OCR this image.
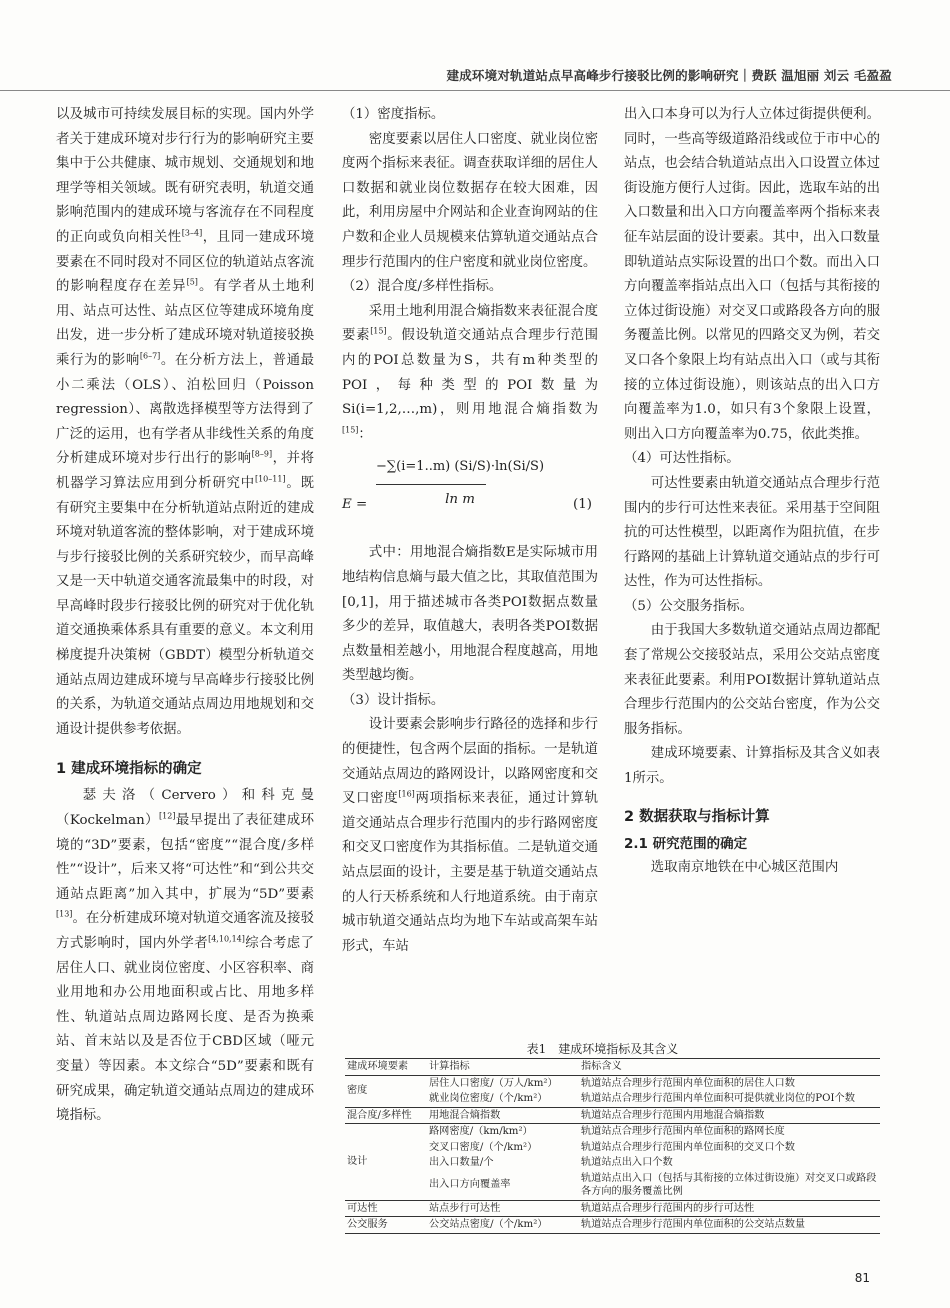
建成环境对轨道站点早高峰步行接驳比例的影响研究｜费跃 温旭丽 刘云 毛盈盈

以及城市可持续发展目标的实现。国内外学者关于建成环境对步行行为的影响研究主要集中于公共健康、城市规划、交通规划和地理学等相关领域。既有研究表明，轨道交通影响范围内的建成环境与客流存在不同程度的正向或负向相关性[3–4]，且同一建成环境要素在不同时段对不同区位的轨道站点客流的影响程度存在差异[5]。有学者从土地利用、站点可达性、站点区位等建成环境角度出发，进一步分析了建成环境对轨道接驳换乘行为的影响[6–7]。在分析方法上，普通最小二乘法（OLS）、泊松回归（Poisson regression）、离散选择模型等方法得到了广泛的运用，也有学者从非线性关系的角度分析建成环境对步行出行的影响[8–9]，并将机器学习算法应用到分析研究中[10–11]。既有研究主要集中在分析轨道站点附近的建成环境对轨道客流的整体影响，对于建成环境与步行接驳比例的关系研究较少，而早高峰又是一天中轨道交通客流最集中的时段，对早高峰时段步行接驳比例的研究对于优化轨道交通换乘体系具有重要的意义。本文利用梯度提升决策树（GBDT）模型分析轨道交通站点周边建成环境与早高峰步行接驳比例的关系，为轨道交通站点周边用地规划和交通设计提供参考依据。

1 建成环境指标的确定

瑟夫洛（Cervero）和科克曼（Kockelman）[12]最早提出了表征建成环境的“3D”要素，包括“密度”“混合度/多样性”“设计”，后来又将“可达性”和“到公共交通站点距离”加入其中，扩展为“5D”要素[13]。在分析建成环境对轨道交通客流及接驳方式影响时，国内外学者[4,10,14]综合考虑了居住人口、就业岗位密度、小区容积率、商业用地和办公用地面积或占比、用地多样性、轨道站点周边路网长度、是否为换乘站、首末站以及是否位于CBD区域（哑元变量）等因素。本文综合“5D”要素和既有研究成果，确定轨道交通站点周边的建成环境指标。

（1）密度指标。

密度要素以居住人口密度、就业岗位密度两个指标来表征。调查获取详细的居住人口数据和就业岗位数据存在较大困难，因此，利用房屋中介网站和企业查询网站的住户数和企业人员规模来估算轨道交通站点合理步行范围内的住户密度和就业岗位密度。

（2）混合度/多样性指标。

采用土地利用混合熵指数来表征混合度要素[15]。假设轨道交通站点合理步行范围内的POI总数量为S，共有m种类型的POI，每种类型的POI数量为Si(i=1,2,…,m)，则用地混合熵指数为[15]：

E =
−∑(i=1..m) (Si/S)·ln(Si/S)
ln m	(1)

式中：用地混合熵指数E是实际城市用地结构信息熵与最大值之比，其取值范围为[0,1]，用于描述城市各类POI数据点数量多少的差异，取值越大，表明各类POI数据点数量相差越小，用地混合程度越高，用地类型越均衡。

（3）设计指标。

设计要素会影响步行路径的选择和步行的便捷性，包含两个层面的指标。一是轨道交通站点周边的路网设计，以路网密度和交叉口密度[16]两项指标来表征，通过计算轨道交通站点合理步行范围内的步行路网密度和交叉口密度作为其指标值。二是轨道交通站点层面的设计，主要是基于轨道交通站点的人行天桥系统和人行地道系统。由于南京城市轨道交通站点均为地下车站或高架车站形式，车站

出入口本身可以为行人立体过街提供便利。同时，一些高等级道路沿线或位于市中心的站点，也会结合轨道站点出入口设置立体过街设施方便行人过街。因此，选取车站的出入口数量和出入口方向覆盖率两个指标来表征车站层面的设计要素。其中，出入口数量即轨道站点实际设置的出口个数。而出入口方向覆盖率指站点出入口（包括与其衔接的立体过街设施）对交叉口或路段各方向的服务覆盖比例。以常见的四路交叉为例，若交叉口各个象限上均有站点出入口（或与其衔接的立体过街设施），则该站点的出入口方向覆盖率为1.0，如只有3个象限上设置，则出入口方向覆盖率为0.75，依此类推。

（4）可达性指标。

可达性要素由轨道交通站点合理步行范围内的步行可达性来表征。采用基于空间阻抗的可达性模型，以距离作为阻抗值，在步行路网的基础上计算轨道交通站点的步行可达性，作为可达性指标。

（5）公交服务指标。

由于我国大多数轨道交通站点周边都配套了常规公交接驳站点，采用公交站点密度来表征此要素。利用POI数据计算轨道站点合理步行范围内的公交站台密度，作为公交服务指标。

建成环境要素、计算指标及其含义如表1所示。

2 数据获取与指标计算
2.1 研究范围的确定

选取南京地铁在中心城区范围内

表1　建成环境指标及其含义
建成环境要素	计算指标	指标含义
密度	居住人口密度/（万人/km²）	轨道站点合理步行范围内单位面积的居住人口数
	就业岗位密度/（个/km²）	轨道站点合理步行范围内单位面积可提供就业岗位的POI个数
混合度/多样性	用地混合熵指数	轨道站点合理步行范围内用地混合熵指数
设计	路网密度/（km/km²）	轨道站点合理步行范围内单位面积的路网长度
	交叉口密度/（个/km²）	轨道站点合理步行范围内单位面积的交叉口个数
	出入口数量/个	轨道站点出入口个数
	出入口方向覆盖率	轨道站点出入口（包括与其衔接的立体过街设施）对交叉口或路段各方向的服务覆盖比例
可达性	站点步行可达性	轨道站点合理步行范围内的步行可达性
公交服务	公交站点密度/（个/km²）	轨道站点合理步行范围内单位面积的公交站点数量
81
